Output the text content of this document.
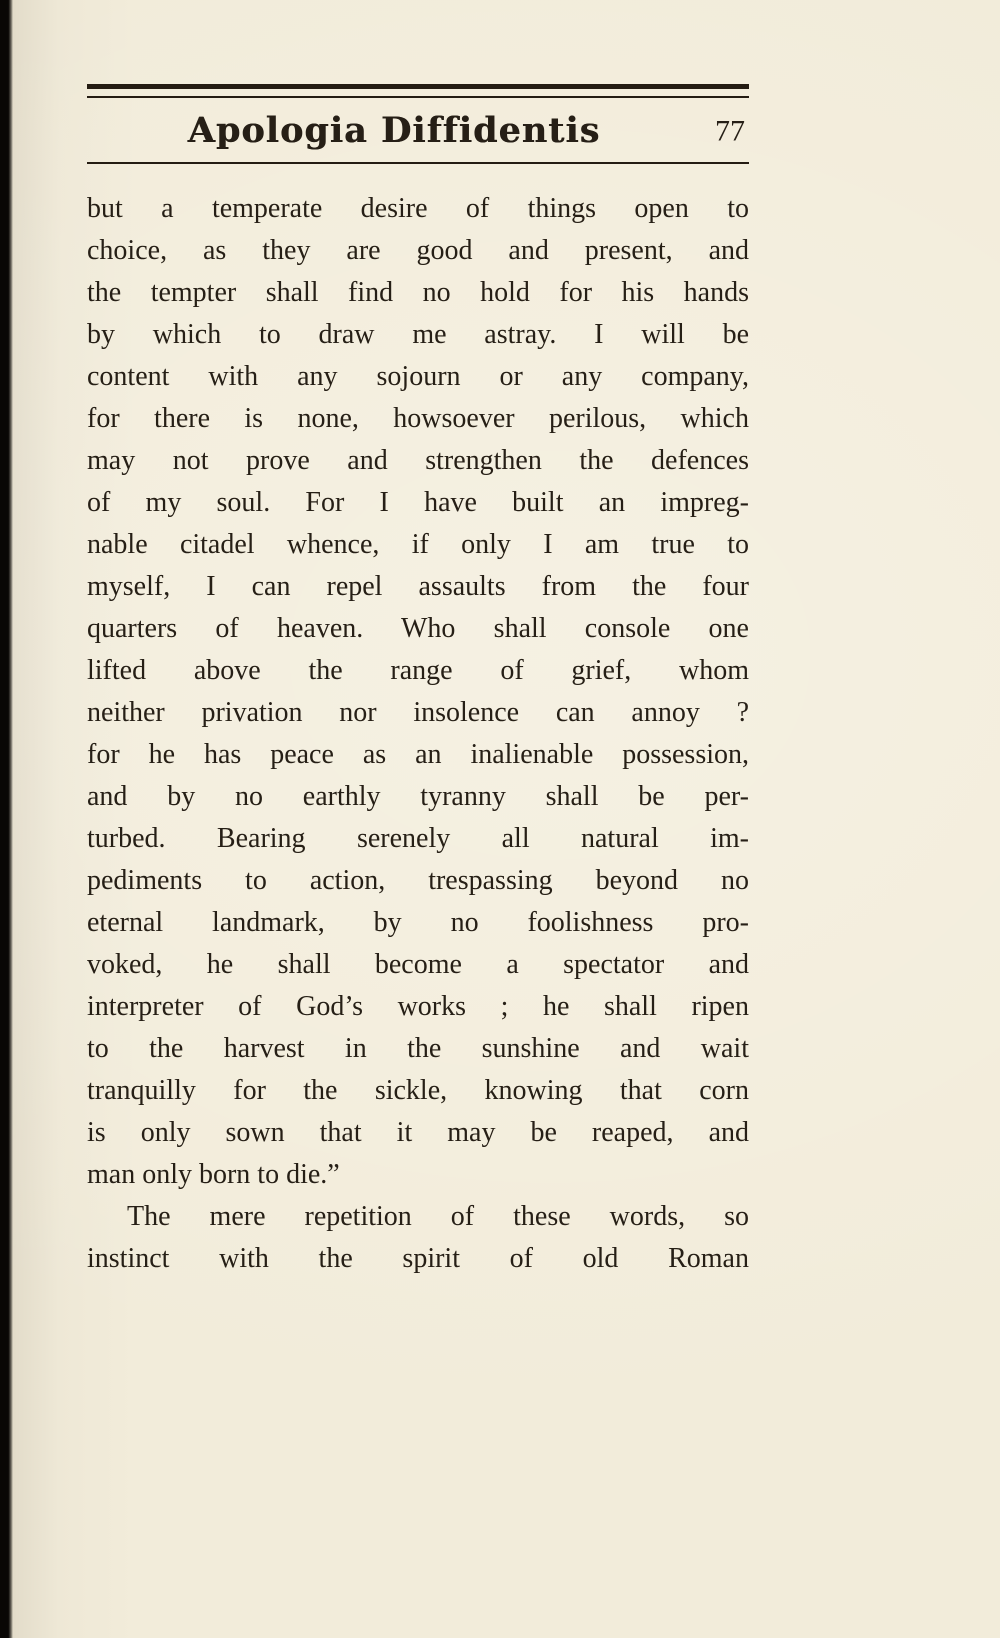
Apologia Diffidentis	77
but a temperate desire of things open to
choice, as they are good and present, and
the tempter shall find no hold for his hands
by which to draw me astray. I will be
content with any sojourn or any company,
for there is none, howsoever perilous, which
may not prove and strengthen the defences
of my soul. For I have built an impreg-
nable citadel whence, if only I am true to
myself, I can repel assaults from the four
quarters of heaven. Who shall console one
lifted above the range of grief, whom
neither privation nor insolence can annoy ?
for he has peace as an inalienable possession,
and by no earthly tyranny shall be per-
turbed. Bearing serenely all natural im-
pediments to action, trespassing beyond no
eternal landmark, by no foolishness pro-
voked, he shall become a spectator and
interpreter of God’s works ; he shall ripen
to the harvest in the sunshine and wait
tranquilly for the sickle, knowing that corn
is only sown that it may be reaped, and
man only born to die.”
The mere repetition of these words, so
instinct with the spirit of old Roman
